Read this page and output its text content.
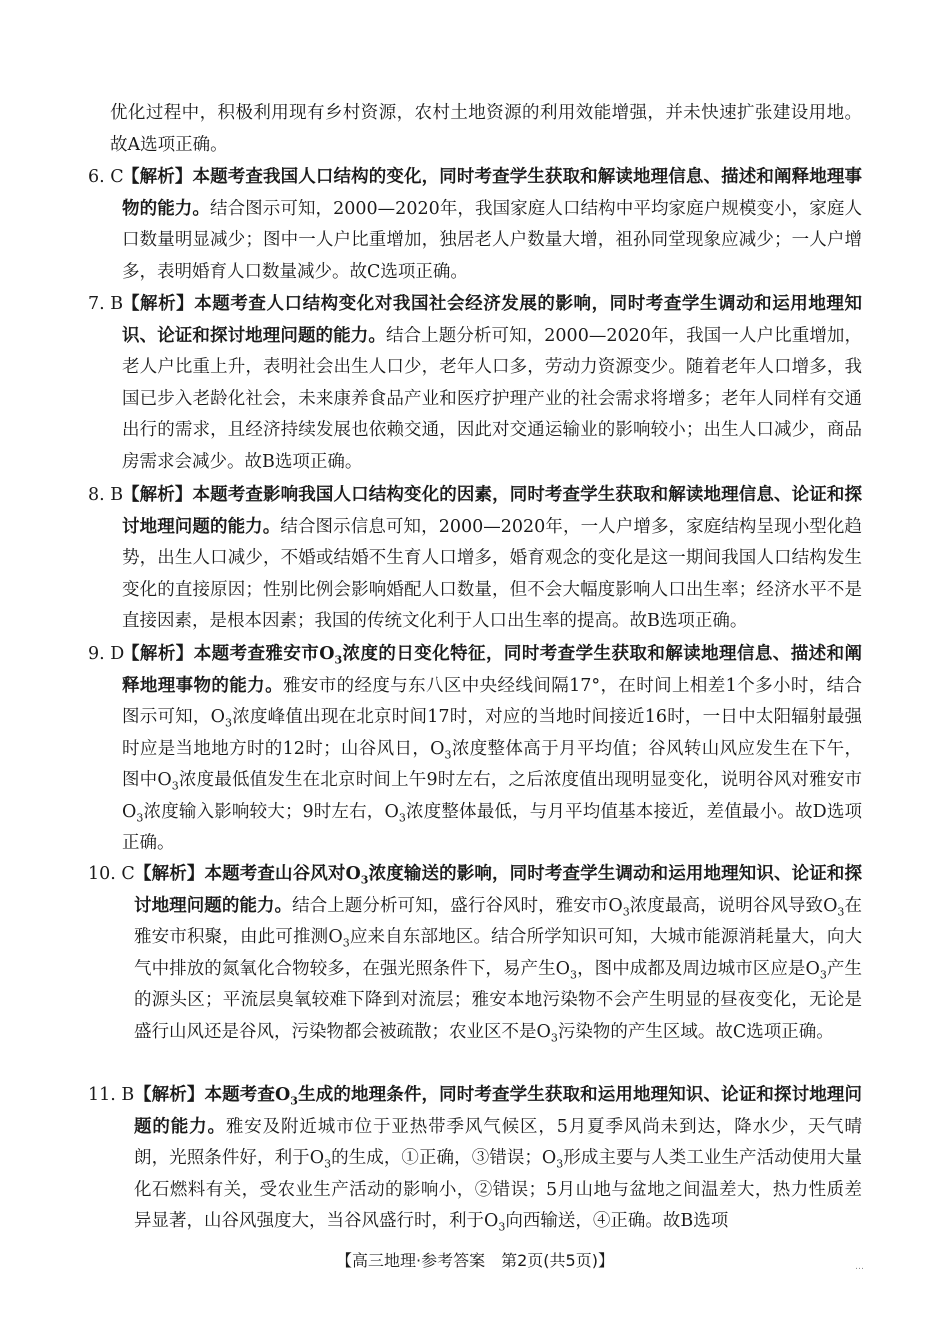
优化过程中，积极利用现有乡村资源，农村土地资源的利用效能增强，并未快速扩张建设用地。故A选项正确。

6. C
【解析】本题考查我国人口结构的变化，同时考查学生获取和解读地理信息、描述和阐释地理事物的能力。结合图示可知，2000—2020年，我国家庭人口结构中平均家庭户规模变小，家庭人口数量明显减少；图中一人户比重增加，独居老人户数量大增，祖孙同堂现象应减少；一人户增多，表明婚育人口数量减少。故C选项正确。
7. B
【解析】本题考查人口结构变化对我国社会经济发展的影响，同时考查学生调动和运用地理知识、论证和探讨地理问题的能力。结合上题分析可知，2000—2020年，我国一人户比重增加，老人户比重上升，表明社会出生人口少，老年人口多，劳动力资源变少。随着老年人口增多，我国已步入老龄化社会，未来康养食品产业和医疗护理产业的社会需求将增多；老年人同样有交通出行的需求，且经济持续发展也依赖交通，因此对交通运输业的影响较小；出生人口减少，商品房需求会减少。故B选项正确。
8. B
【解析】本题考查影响我国人口结构变化的因素，同时考查学生获取和解读地理信息、论证和探讨地理问题的能力。结合图示信息可知，2000—2020年，一人户增多，家庭结构呈现小型化趋势，出生人口减少，不婚或结婚不生育人口增多，婚育观念的变化是这一期间我国人口结构发生变化的直接原因；性别比例会影响婚配人口数量，但不会大幅度影响人口出生率；经济水平不是直接因素，是根本因素；我国的传统文化利于人口出生率的提高。故B选项正确。
9. D
【解析】本题考查雅安市$O_3$浓度的日变化特征，同时考查学生获取和解读地理信息、描述和阐释地理事物的能力。雅安市的经度与东八区中央经线间隔17°，在时间上相差1个多小时，结合图示可知，$O_3$浓度峰值出现在北京时间17时，对应的当地时间接近16时，一日中太阳辐射最强时应是当地地方时的12时；山谷风日，$O_3$浓度整体高于月平均值；谷风转山风应发生在下午，图中$O_3$浓度最低值发生在北京时间上午9时左右，之后浓度值出现明显变化，说明谷风对雅安市$O_3$浓度输入影响较大；9时左右，$O_3$浓度整体最低，与月平均值基本接近，差值最小。故D选项正确。
10. C 【解析】本题考查山谷风对$O_3$浓度输送的影响，同时考查学生调动和运用地理知识、论证和探讨地理问题的能力。结合上题分析可知，盛行谷风时，雅安市$O_3$浓度最高，说明谷风导致$O_3$在雅安市积聚，由此可推测$O_3$应来自东部地区。结合所学知识可知，大城市能源消耗量大，向大气中排放的氮氧化合物较多，在强光照条件下，易产生$O_3$，图中成都及周边城市区应是$O_3$产生的源头区；平流层臭氧较难下降到对流层；雅安本地污染物不会产生明显的昼夜变化，无论是盛行山风还是谷风，污染物都会被疏散；农业区不是$O_3$污染物的产生区域。故C选项正确。
11. B 【解析】本题考查$O_3$生成的地理条件，同时考查学生获取和运用地理知识、论证和探讨地理问题的能力。雅安及附近城市位于亚热带季风气候区，5月夏季风尚未到达，降水少，天气晴朗，光照条件好，利于$O_3$的生成，①正确，③错误；$O_3$形成主要与人类工业生产活动使用大量化石燃料有关，受农业生产活动的影响小，②错误；5月山地与盆地之间温差大，热力性质差异显著，山谷风强度大，当谷风盛行时，利于$O_3$向西输送，④正确。故B选项
【高三地理·参考答案　第2页(共5页)】	…
